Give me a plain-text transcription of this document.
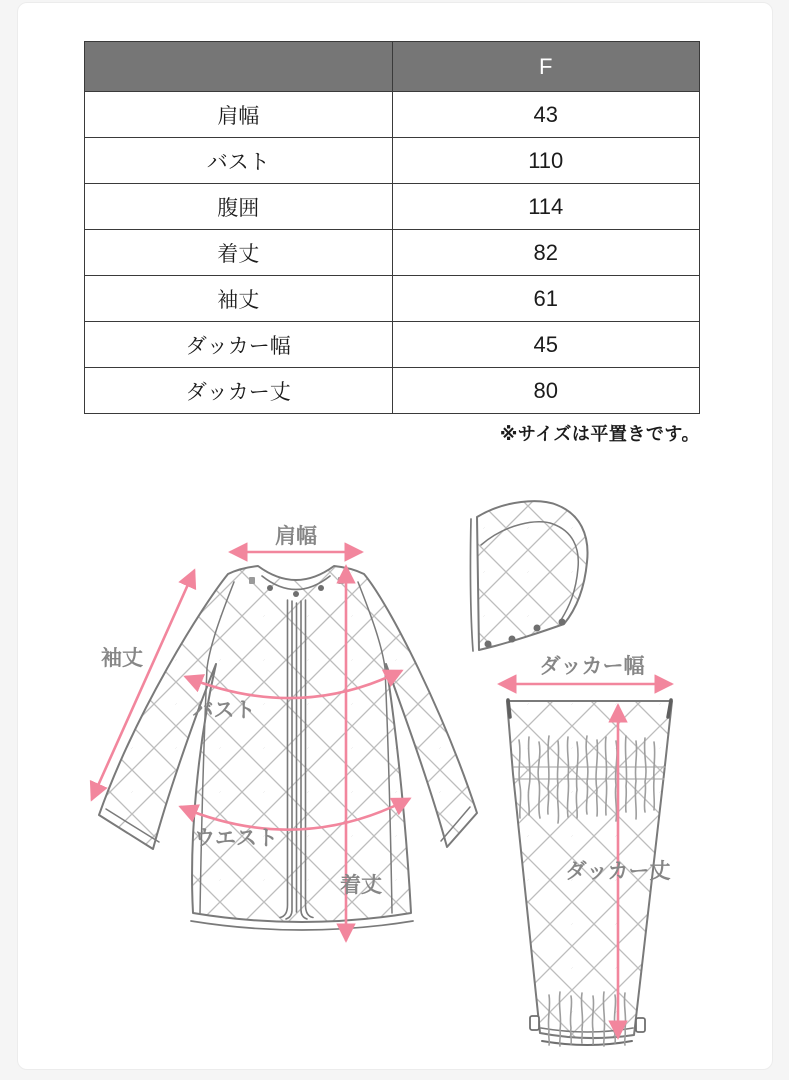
	F
肩幅	43
バスト	110
腹囲	114
着丈	82
袖丈	61
ダッカー幅	45
ダッカー丈	80
※サイズは平置きです。
肩幅
袖丈
バスト
ウエスト
着丈
ダッカー幅
ダッカー丈
